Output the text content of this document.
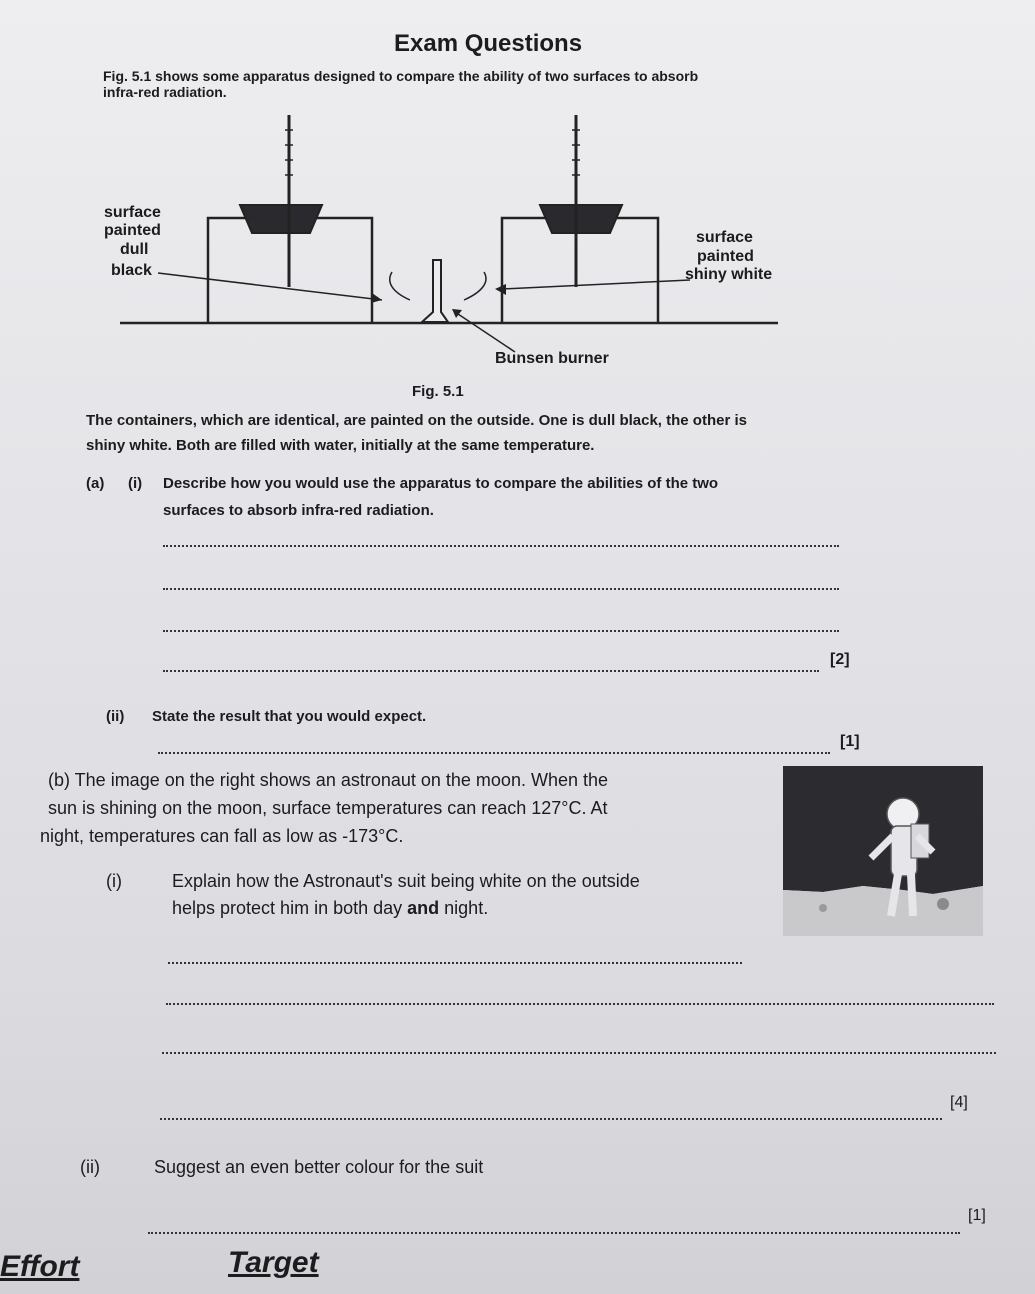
Exam Questions
Fig. 5.1 shows some apparatus designed to compare the ability of two surfaces to absorb
infra-red radiation.
surface
painted
dull
black
surface
painted
shiny white
Bunsen burner
Fig. 5.1
The containers, which are identical, are painted on the outside. One is dull black, the other is
shiny white. Both are filled with water, initially at the same temperature.
(a) (i) Describe how you would use the apparatus to compare the abilities of the two
surfaces to absorb infra-red radiation.
[2]
(ii) State the result that you would expect.
[1]
(b) The image on the right shows an astronaut on the moon. When the
sun is shining on the moon, surface temperatures can reach 127°C. At
night, temperatures can fall as low as -173°C.
(i)	Explain how the Astronaut's suit being white on the outside
helps protect him in both day and night.
[4]
(ii)	Suggest an even better colour for the suit
[1]
Effort	Target
